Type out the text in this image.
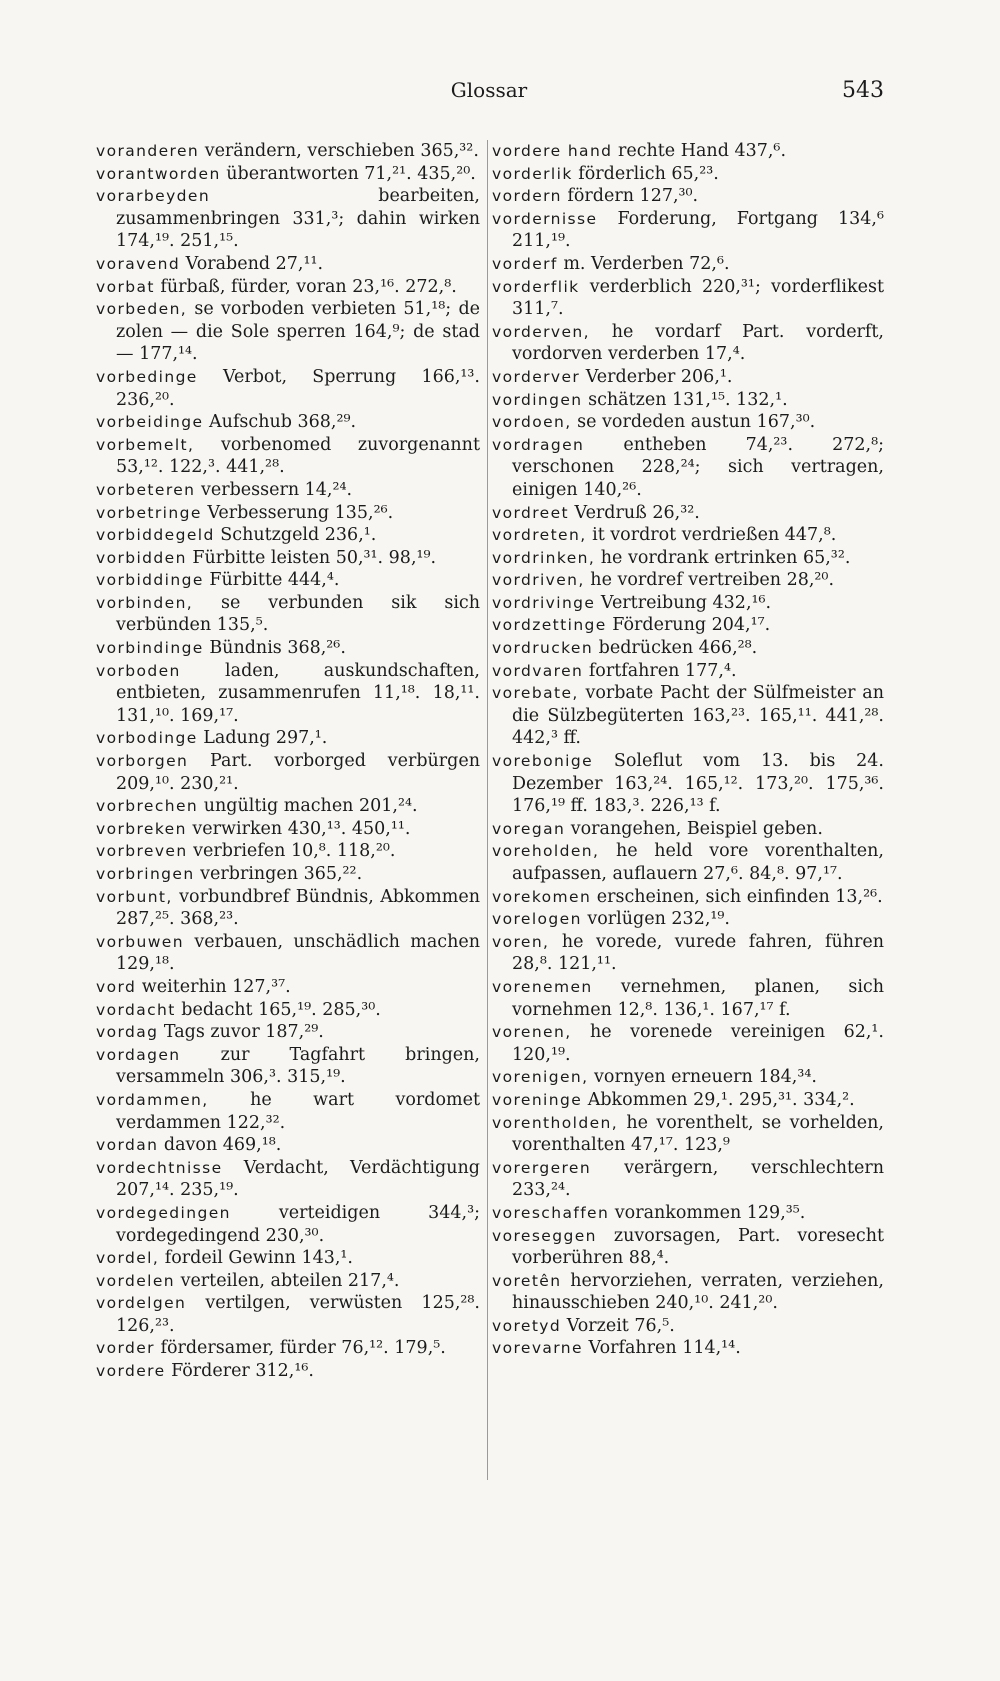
Glossar	543

voranderen verändern, verschieben 365,³².

vorantworden überantworten 71,²¹. 435,²⁰.

vorarbeyden bearbeiten, zusammenbringen 331,³; dahin wirken 174,¹⁹. 251,¹⁵.

voravend Vorabend 27,¹¹.

vorbat fürbaß, fürder, voran 23,¹⁶. 272,⁸.

vorbeden, se vorboden verbieten 51,¹⁸; de zolen — die Sole sperren 164,⁹; de stad — 177,¹⁴.

vorbedinge Verbot, Sperrung 166,¹³. 236,²⁰.

vorbeidinge Aufschub 368,²⁹.

vorbemelt, vorbenomed zuvorgenannt 53,¹². 122,³. 441,²⁸.

vorbeteren verbessern 14,²⁴.

vorbetringe Verbesserung 135,²⁶.

vorbiddegeld Schutzgeld 236,¹.

vorbidden Fürbitte leisten 50,³¹. 98,¹⁹.

vorbiddinge Fürbitte 444,⁴.

vorbinden, se verbunden sik sich verbünden 135,⁵.

vorbindinge Bündnis 368,²⁶.

vorboden laden, auskundschaften, entbieten, zusammenrufen 11,¹⁸. 18,¹¹. 131,¹⁰. 169,¹⁷.

vorbodinge Ladung 297,¹.

vorborgen Part. vorborged verbürgen 209,¹⁰. 230,²¹.

vorbrechen ungültig machen 201,²⁴.

vorbreken verwirken 430,¹³. 450,¹¹.

vorbreven verbriefen 10,⁸. 118,²⁰.

vorbringen verbringen 365,²².

vorbunt, vorbundbref Bündnis, Abkommen 287,²⁵. 368,²³.

vorbuwen verbauen, unschädlich machen 129,¹⁸.

vord weiterhin 127,³⁷.

vordacht bedacht 165,¹⁹. 285,³⁰.

vordag Tags zuvor 187,²⁹.

vordagen zur Tagfahrt bringen, versammeln 306,³. 315,¹⁹.

vordammen, he wart vordomet verdammen 122,³².

vordan davon 469,¹⁸.

vordechtnisse Verdacht, Verdächtigung 207,¹⁴. 235,¹⁹.

vordegedingen verteidigen 344,³; vordegedingend 230,³⁰.

vordel, fordeil Gewinn 143,¹.

vordelen verteilen, abteilen 217,⁴.

vordelgen vertilgen, verwüsten 125,²⁸. 126,²³.

vorder fördersamer, fürder 76,¹². 179,⁵.

vordere Förderer 312,¹⁶.

vordere hand rechte Hand 437,⁶.

vorderlik förderlich 65,²³.

vordern fördern 127,³⁰.

vordernisse Forderung, Fortgang 134,⁶ 211,¹⁹.

vorderf m. Verderben 72,⁶.

vorderflik verderblich 220,³¹; vorderflikest 311,⁷.

vorderven, he vordarf Part. vorderft, vordorven verderben 17,⁴.

vorderver Verderber 206,¹.

vordingen schätzen 131,¹⁵. 132,¹.

vordoen, se vordeden austun 167,³⁰.

vordragen entheben 74,²³. 272,⁸; verschonen 228,²⁴; sich vertragen, einigen 140,²⁶.

vordreet Verdruß 26,³².

vordreten, it vordrot verdrießen 447,⁸.

vordrinken, he vordrank ertrinken 65,³².

vordriven, he vordref vertreiben 28,²⁰.

vordrivinge Vertreibung 432,¹⁶.

vordzettinge Förderung 204,¹⁷.

vordrucken bedrücken 466,²⁸.

vordvaren fortfahren 177,⁴.

vorebate, vorbate Pacht der Sülfmeister an die Sülzbegüterten 163,²³. 165,¹¹. 441,²⁸. 442,³ ff.

vorebonige Soleflut vom 13. bis 24. Dezember 163,²⁴. 165,¹². 173,²⁰. 175,³⁶. 176,¹⁹ ff. 183,³. 226,¹³ f.

voregan vorangehen, Beispiel geben.

voreholden, he held vore vorenthalten, aufpassen, auflauern 27,⁶. 84,⁸. 97,¹⁷.

vorekomen erscheinen, sich einfinden 13,²⁶.

vorelogen vorlügen 232,¹⁹.

voren, he vorede, vurede fahren, führen 28,⁸. 121,¹¹.

vorenemen vernehmen, planen, sich vornehmen 12,⁸. 136,¹. 167,¹⁷ f.

vorenen, he vorenede vereinigen 62,¹. 120,¹⁹.

vorenigen, vornyen erneuern 184,³⁴.

voreninge Abkommen 29,¹. 295,³¹. 334,².

vorentholden, he vorenthelt, se vorhelden, vorenthalten 47,¹⁷. 123,⁹

vorergeren verärgern, verschlechtern 233,²⁴.

voreschaffen vorankommen 129,³⁵.

voreseggen zuvorsagen, Part. voresecht vorberühren 88,⁴.

voretên hervorziehen, verraten, verziehen, hinausschieben 240,¹⁰. 241,²⁰.

voretyd Vorzeit 76,⁵.

vorevarne Vorfahren 114,¹⁴.
